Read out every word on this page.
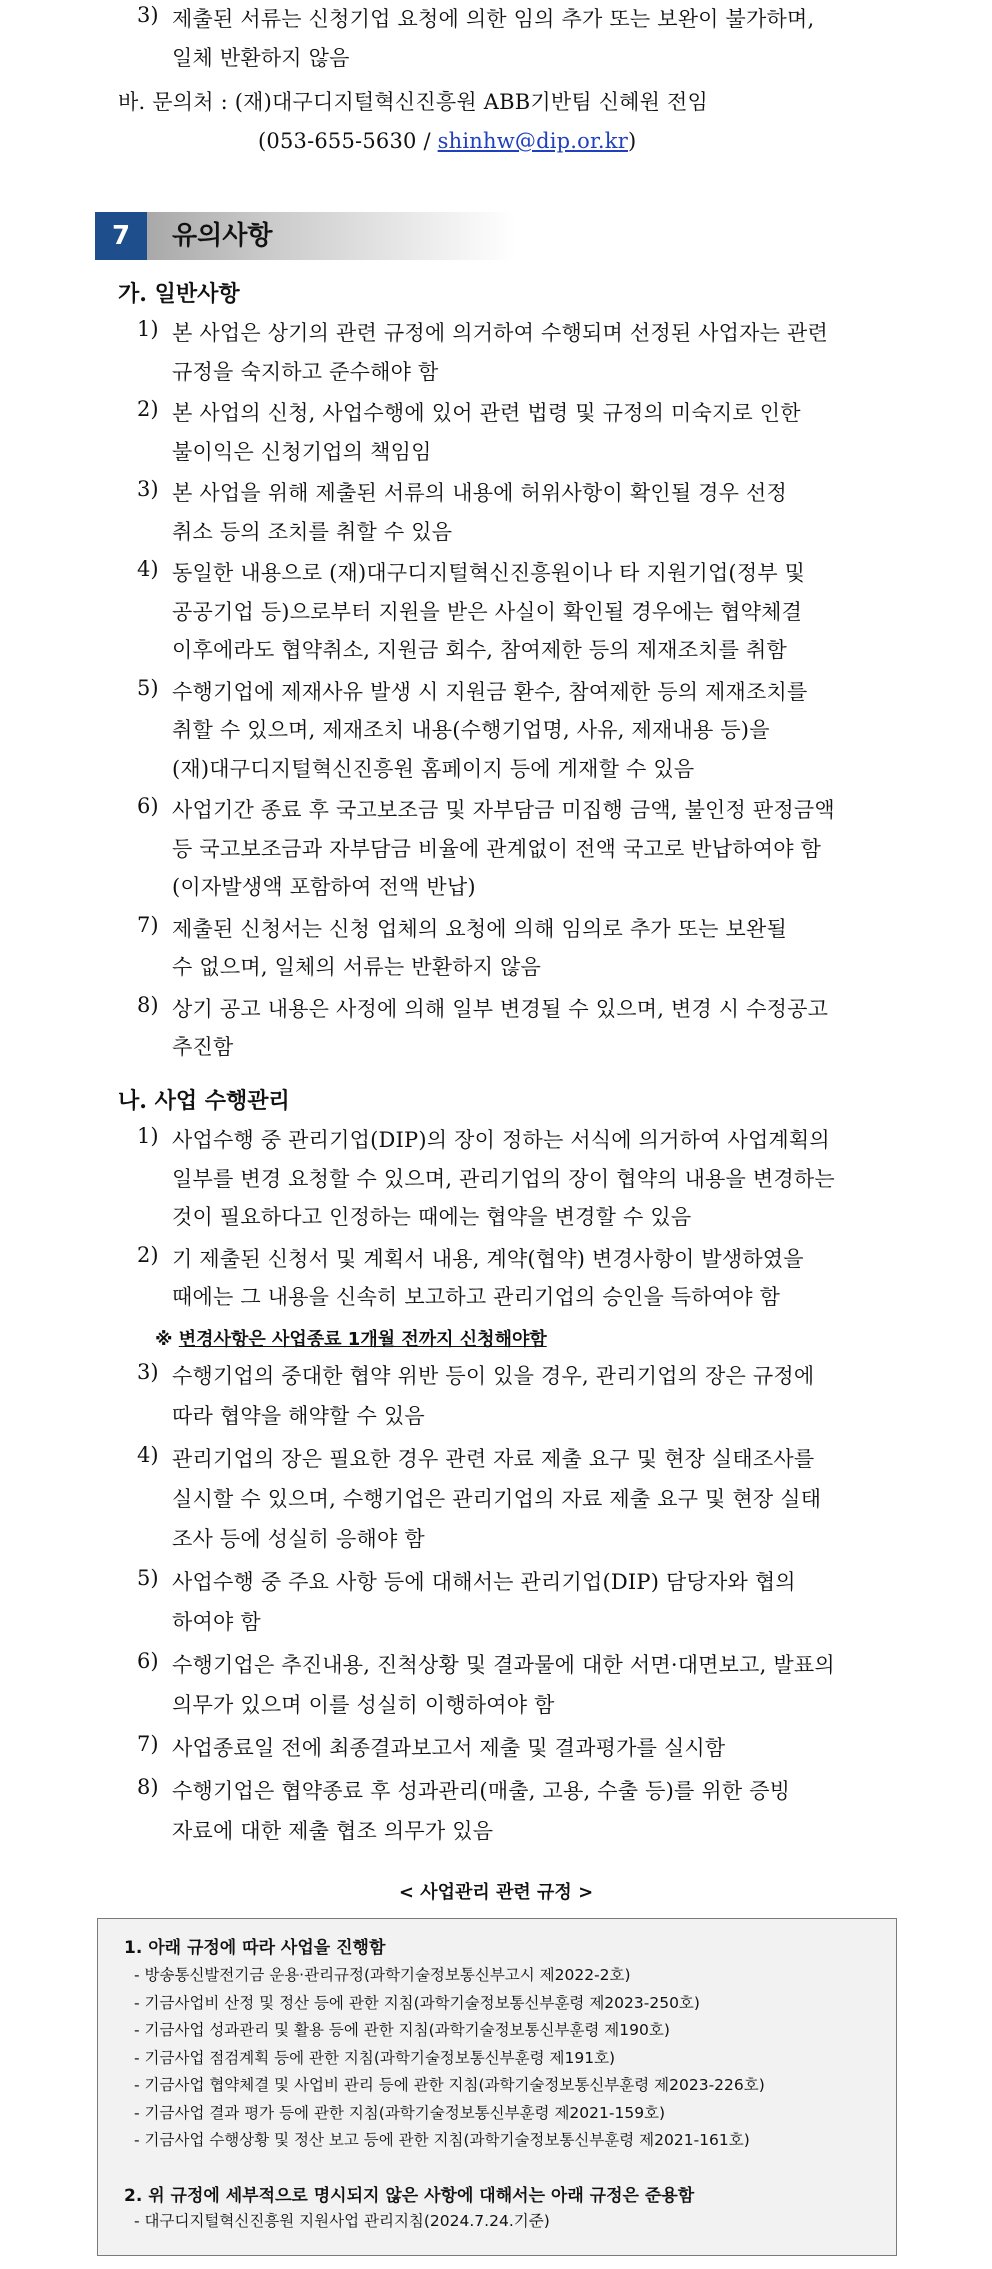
3) 제출된 서류는 신청기업 요청에 의한 임의 추가 또는 보완이 불가하며,
일체 반환하지 않음
바. 문의처 : (재)대구디지털혁신진흥원 ABB기반팀 신혜원 전임
(053-655-5630 / shinhw@dip.or.kr)
7	유의사항
가. 일반사항
1) 본 사업은 상기의 관련 규정에 의거하여 수행되며 선정된 사업자는 관련
규정을 숙지하고 준수해야 함
2) 본 사업의 신청, 사업수행에 있어 관련 법령 및 규정의 미숙지로 인한
불이익은 신청기업의 책임임
3) 본 사업을 위해 제출된 서류의 내용에 허위사항이 확인될 경우 선정
취소 등의 조치를 취할 수 있음
4) 동일한 내용으로 (재)대구디지털혁신진흥원이나 타 지원기업(정부 및
공공기업 등)으로부터 지원을 받은 사실이 확인될 경우에는 협약체결
이후에라도 협약취소, 지원금 회수, 참여제한 등의 제재조치를 취함
5) 수행기업에 제재사유 발생 시 지원금 환수, 참여제한 등의 제재조치를
취할 수 있으며, 제재조치 내용(수행기업명, 사유, 제재내용 등)을
(재)대구디지털혁신진흥원 홈페이지 등에 게재할 수 있음
6) 사업기간 종료 후 국고보조금 및 자부담금 미집행 금액, 불인정 판정금액
등 국고보조금과 자부담금 비율에 관계없이 전액 국고로 반납하여야 함
(이자발생액 포함하여 전액 반납)
7) 제출된 신청서는 신청 업체의 요청에 의해 임의로 추가 또는 보완될
수 없으며, 일체의 서류는 반환하지 않음
8) 상기 공고 내용은 사정에 의해 일부 변경될 수 있으며, 변경 시 수정공고
추진함
나. 사업 수행관리
1) 사업수행 중 관리기업(DIP)의 장이 정하는 서식에 의거하여 사업계획의
일부를 변경 요청할 수 있으며, 관리기업의 장이 협약의 내용을 변경하는
것이 필요하다고 인정하는 때에는 협약을 변경할 수 있음
2) 기 제출된 신청서 및 계획서 내용, 계약(협약) 변경사항이 발생하였을
때에는 그 내용을 신속히 보고하고 관리기업의 승인을 득하여야 함
※ 변경사항은 사업종료 1개월 전까지 신청해야함
3) 수행기업의 중대한 협약 위반 등이 있을 경우, 관리기업의 장은 규정에
따라 협약을 해약할 수 있음
4) 관리기업의 장은 필요한 경우 관련 자료 제출 요구 및 현장 실태조사를
실시할 수 있으며, 수행기업은 관리기업의 자료 제출 요구 및 현장 실태
조사 등에 성실히 응해야 함
5) 사업수행 중 주요 사항 등에 대해서는 관리기업(DIP) 담당자와 협의
하여야 함
6) 수행기업은 추진내용, 진척상황 및 결과물에 대한 서면·대면보고, 발표의
의무가 있으며 이를 성실히 이행하여야 함
7) 사업종료일 전에 최종결과보고서 제출 및 결과평가를 실시함
8) 수행기업은 협약종료 후 성과관리(매출, 고용, 수출 등)를 위한 증빙
자료에 대한 제출 협조 의무가 있음
< 사업관리 관련 규정 >
1. 아래 규정에 따라 사업을 진행함
- 방송통신발전기금 운용·관리규정(과학기술정보통신부고시 제2022-2호)
- 기금사업비 산정 및 정산 등에 관한 지침(과학기술정보통신부훈령 제2023-250호)
- 기금사업 성과관리 및 활용 등에 관한 지침(과학기술정보통신부훈령 제190호)
- 기금사업 점검계획 등에 관한 지침(과학기술정보통신부훈령 제191호)
- 기금사업 협약체결 및 사업비 관리 등에 관한 지침(과학기술정보통신부훈령 제2023-226호)
- 기금사업 결과 평가 등에 관한 지침(과학기술정보통신부훈령 제2021-159호)
- 기금사업 수행상황 및 정산 보고 등에 관한 지침(과학기술정보통신부훈령 제2021-161호)
2. 위 규정에 세부적으로 명시되지 않은 사항에 대해서는 아래 규정은 준용함
- 대구디지털혁신진흥원 지원사업 관리지침(2024.7.24.기준)
